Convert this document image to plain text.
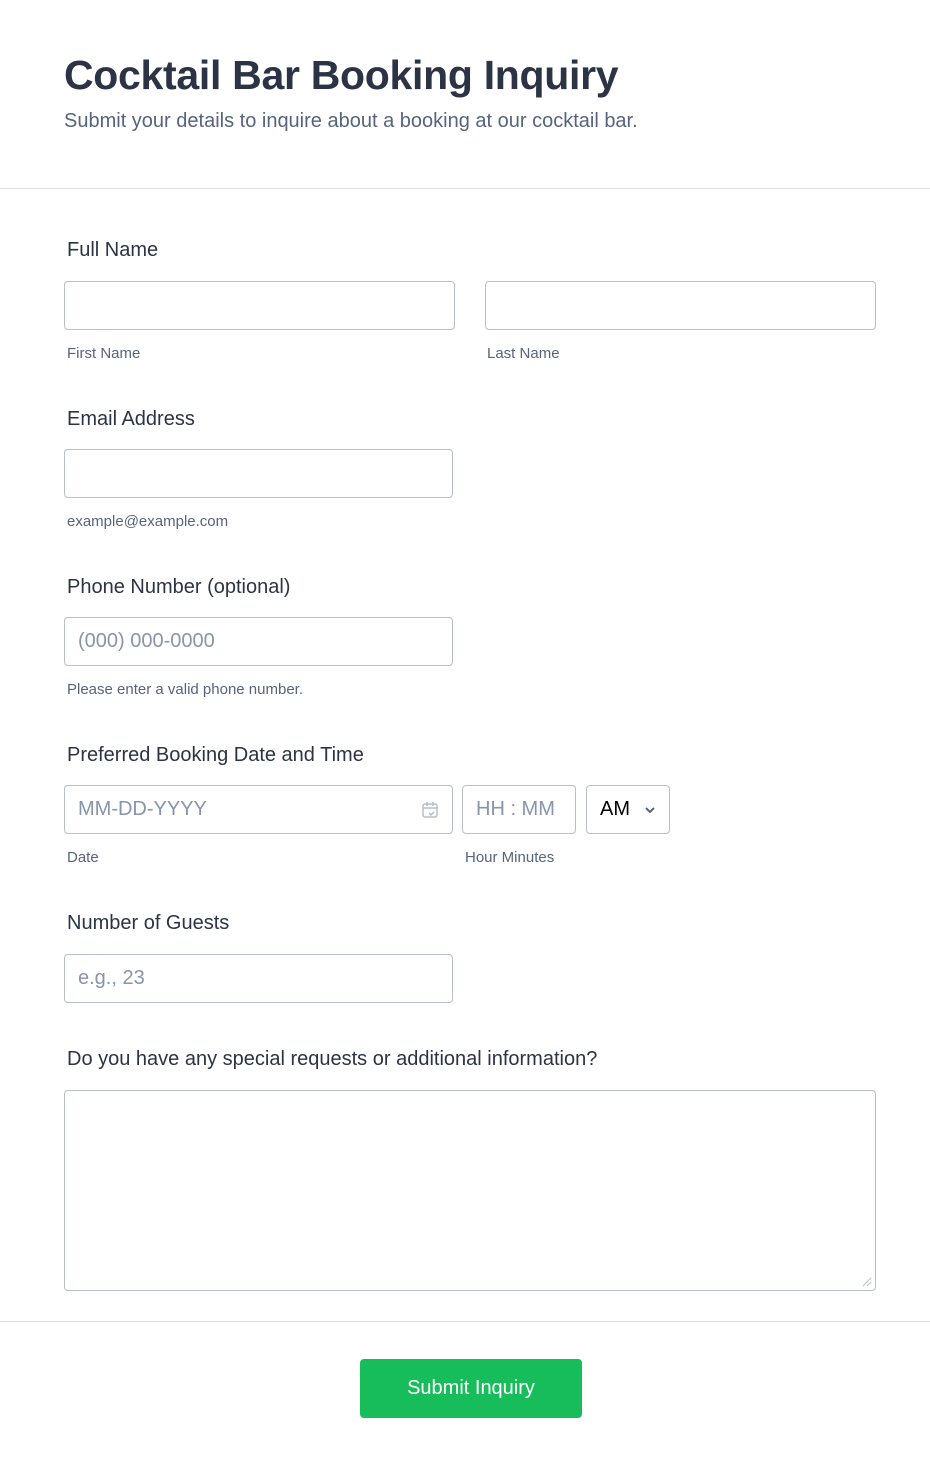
Cocktail Bar Booking Inquiry
Submit your details to inquire about a booking at our cocktail bar.
Full Name
First Name	Last Name
Email Address
example@example.com
Phone Number (optional)
(000) 000-0000
Please enter a valid phone number.
Preferred Booking Date and Time
MM-DD-YYYY	HH : MM AM
Date	Hour Minutes
Number of Guests
e.g., 23
Do you have any special requests or additional information?
Submit Inquiry
